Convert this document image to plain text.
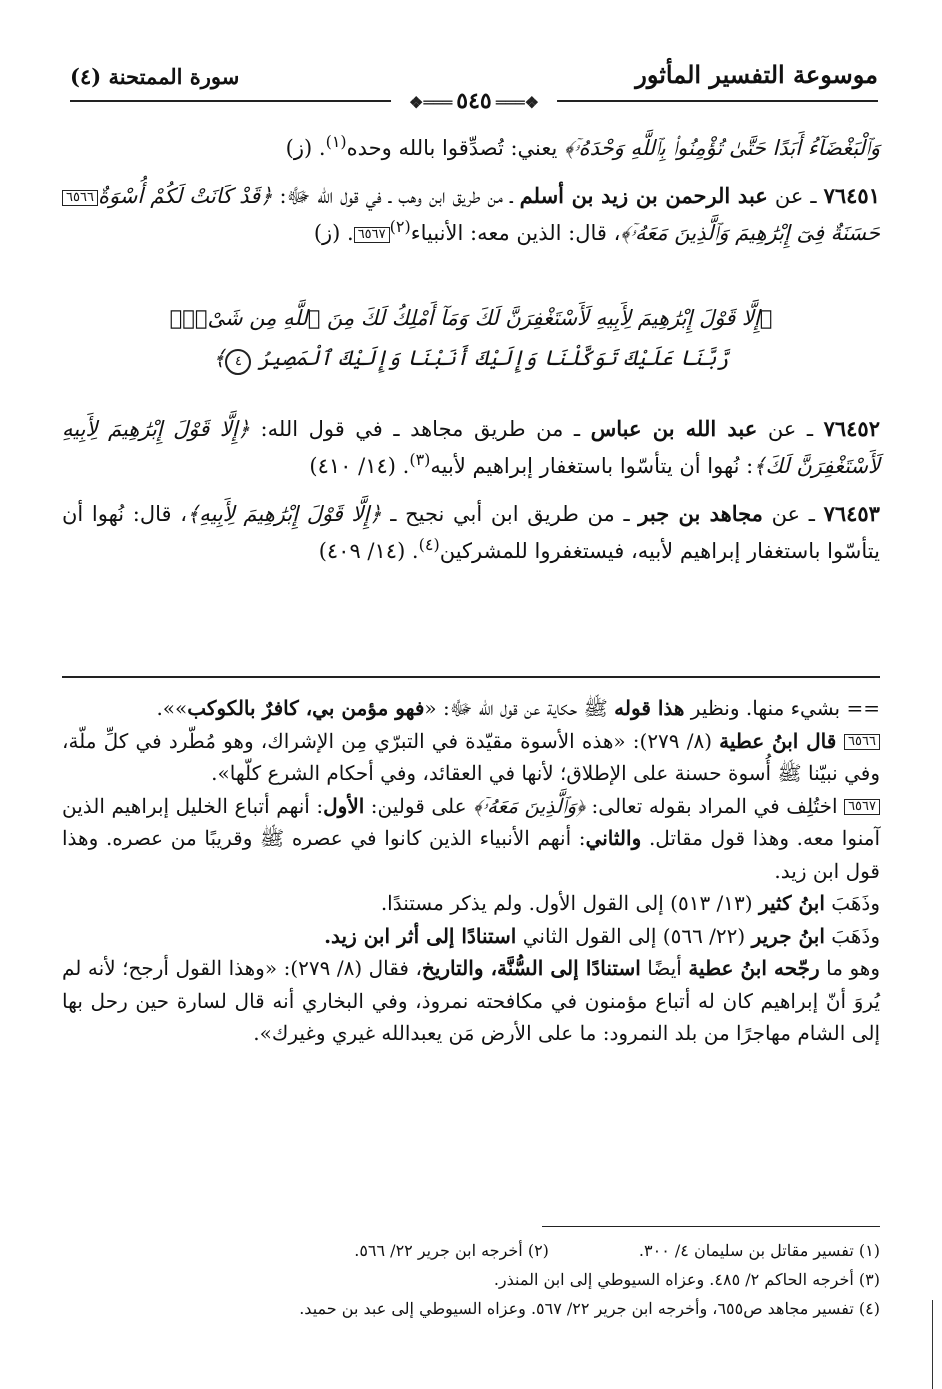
موسوعة التفسير المأثور
سورة الممتحنة (٤)
❖═══٥٤٥═══❖

وَٱلْبَغْضَآءُ أَبَدًا حَتَّىٰ تُؤْمِنُوا۟ بِٱللَّهِ وَحْدَهُۥٓ﴾ يعني: تُصدِّقوا بالله وحده$^{(١)}$. (ز)

٧٦٤٥١ ـ عن عبد الرحمن بن زيد بن أسلم ـ من طريق ابن وهب ـ في قول الله ﷻ: ﴿قَدْ كَانَتْ لَكُمْ أُسْوَةٌ٦٥٦٦ حَسَنَةٌ فِىٓ إِبْرَٰهِيمَ وَٱلَّذِينَ مَعَهُۥٓ﴾، قال: الذين معه: الأنبياء$^{(٢)}$٦٥٦٧. (ز)

﴿إِلَّا قَوْلَ إِبْرَٰهِيمَ لِأَبِيهِ لَأَسْتَغْفِرَنَّ لَكَ وَمَآ أَمْلِكُ لَكَ مِنَ ٱللَّهِ مِن شَىْءٍۢ

رَّبَّنَا عَلَيْكَ تَوَكَّلْنَا وَإِلَيْكَ أَنَبْنَا وَإِلَيْكَ ٱلْمَصِيرُ ٤﴾

٧٦٤٥٢ ـ عن عبد الله بن عباس ـ من طريق مجاهد ـ في قول الله: ﴿إِلَّا قَوْلَ إِبْرَٰهِيمَ لِأَبِيهِ لَأَسْتَغْفِرَنَّ لَكَ﴾: نُهوا أن يتأسّوا باستغفار إبراهيم لأبيه$^{(٣)}$. (١٤/ ٤١٠)

٧٦٤٥٣ ـ عن مجاهد بن جبر ـ من طريق ابن أبي نجيح ـ ﴿إِلَّا قَوْلَ إِبْرَٰهِيمَ لِأَبِيهِ﴾، قال: نُهوا أن يتأسّوا باستغفار إبراهيم لأبيه، فيستغفروا للمشركين$^{(٤)}$. (١٤/ ٤٠٩)

== بشيء منها. ونظير هذا قوله ﷺ حكاية عن قول الله ﷻ: «فهو مؤمن بي، كافرٌ بالكوكب»».

٦٥٦٦ قال ابنُ عطية (٨/ ٢٧٩): «هذه الأسوة مقيّدة في التبرّي مِن الإشراك، وهو مُطّرد في كلِّ ملّة، وفي نبيّنا ﷺ أُسوة حسنة على الإطلاق؛ لأنها في العقائد، وفي أحكام الشرع كلّها».

٦٥٦٧ اختُلِف في المراد بقوله تعالى: ﴿وَٱلَّذِينَ مَعَهُۥٓ﴾ على قولين: الأول: أنهم أتباع الخليل إبراهيم الذين آمنوا معه. وهذا قول مقاتل. والثاني: أنهم الأنبياء الذين كانوا في عصره ﷺ وقريبًا من عصره. وهذا قول ابن زيد.

وذَهَبَ ابنُ كثير (١٣/ ٥١٣) إلى القول الأول. ولم يذكر مستندًا.

وذَهَبَ ابنُ جرير (٢٢/ ٥٦٦) إلى القول الثاني استنادًا إلى أثر ابن زيد.

وهو ما رجّحه ابنُ عطية أيضًا استنادًا إلى السُّنَّة، والتاريخ، فقال (٨/ ٢٧٩): «وهذا القول أرجح؛ لأنه لم يُروَ أنّ إبراهيم كان له أتباع مؤمنون في مكافحته نمروذ، وفي البخاري أنه قال لسارة حين رحل بها إلى الشام مهاجرًا من بلد النمرود: ما على الأرض مَن يعبدالله غيري وغيرك».

(١) تفسير مقاتل بن سليمان ٤/ ٣٠٠.

(٢) أخرجه ابن جرير ٢٢/ ٥٦٦.

(٣) أخرجه الحاكم ٢/ ٤٨٥. وعزاه السيوطي إلى ابن المنذر.

(٤) تفسير مجاهد ص٦٥٥، وأخرجه ابن جرير ٢٢/ ٥٦٧. وعزاه السيوطي إلى عبد بن حميد.
